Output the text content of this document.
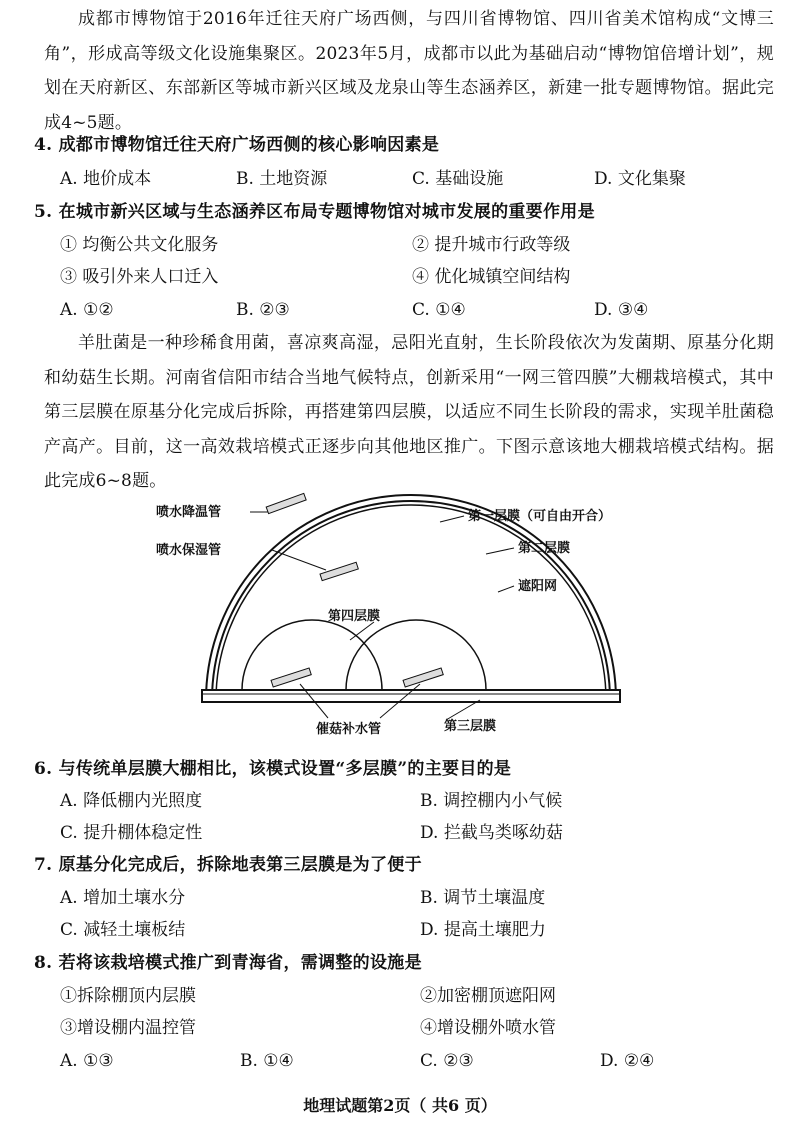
成都市博物馆于2016年迁往天府广场西侧，与四川省博物馆、四川省美术馆构成“文博三角”，形成高等级文化设施集聚区。2023年5月，成都市以此为基础启动“博物馆倍增计划”，规划在天府新区、东部新区等城市新兴区域及龙泉山等生态涵养区，新建一批专题博物馆。据此完成4~5题。
4. 成都市博物馆迁往天府广场西侧的核心影响因素是
A. 地价成本	B. 土地资源	C. 基础设施	D. 文化集聚
5. 在城市新兴区域与生态涵养区布局专题博物馆对城市发展的重要作用是
① 均衡公共文化服务	② 提升城市行政等级
③ 吸引外来人口迁入	④ 优化城镇空间结构
A. ①②	B. ②③	C. ①④	D. ③④
羊肚菌是一种珍稀食用菌，喜凉爽高湿，忌阳光直射，生长阶段依次为发菌期、原基分化期和幼菇生长期。河南省信阳市结合当地气候特点，创新采用“一网三管四膜”大棚栽培模式，其中第三层膜在原基分化完成后拆除，再搭建第四层膜，以适应不同生长阶段的需求，实现羊肚菌稳产高产。目前，这一高效栽培模式正逐步向其他地区推广。下图示意该地大棚栽培模式结构。据此完成6~8题。
喷水降温管
喷水保湿管
第一层膜（可自由开合）
第二层膜
遮阳网
第四层膜
催菇补水管	第三层膜
6. 与传统单层膜大棚相比，该模式设置“多层膜”的主要目的是
A. 降低棚内光照度	B. 调控棚内小气候
C. 提升棚体稳定性	D. 拦截鸟类啄幼菇
7. 原基分化完成后，拆除地表第三层膜是为了便于
A. 增加土壤水分	B. 调节土壤温度
C. 减轻土壤板结	D. 提高土壤肥力
8. 若将该栽培模式推广到青海省，需调整的设施是
①拆除棚顶内层膜	②加密棚顶遮阳网
③增设棚内温控管	④增设棚外喷水管
A. ①③	B. ①④	C. ②③	D. ②④
地理试题第2页（ 共6 页）
